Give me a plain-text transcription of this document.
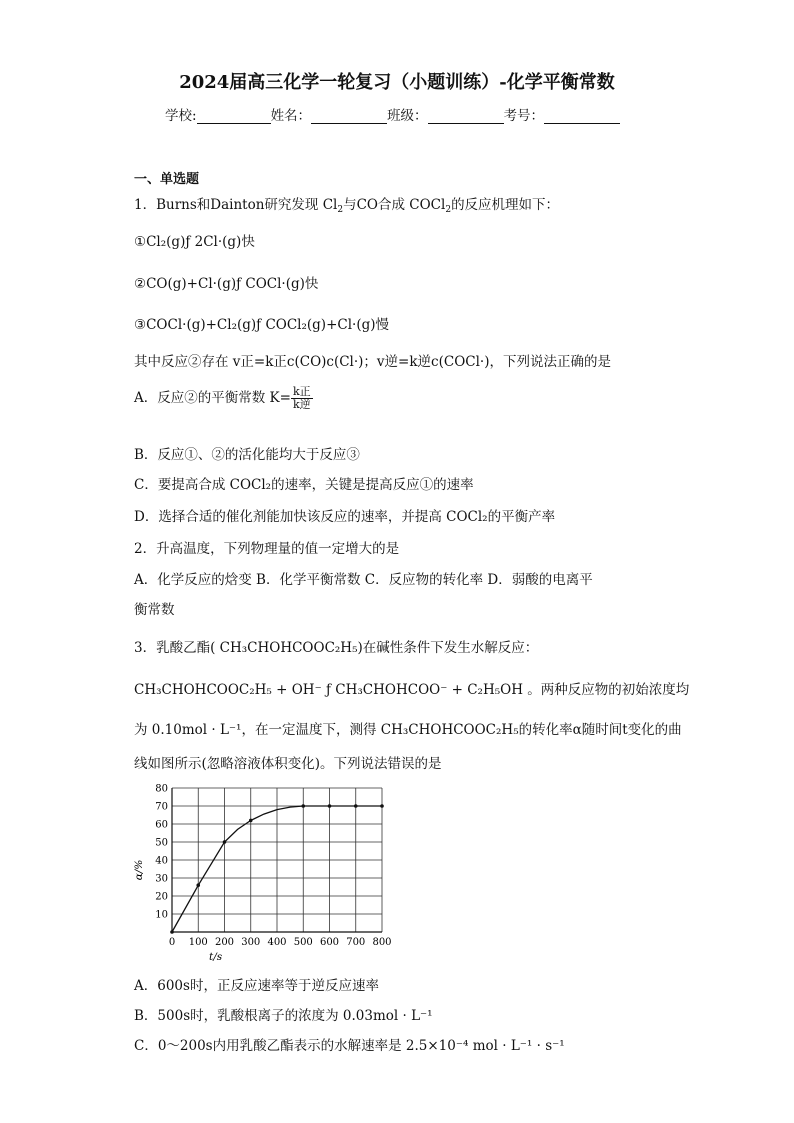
2024届高三化学一轮复习（小题训练）-化学平衡常数
学校:	姓名：	班级：	考号：
一、单选题
1．Burns和Dainton研究发现 $Cl_2$与CO合成 COCl$_2$的反应机理如下：
①Cl₂(g)ƒ 2Cl·(g)快
②CO(g)+Cl·(g)ƒ COCl·(g)快
③COCl·(g)+Cl₂(g)ƒ COCl₂(g)+Cl·(g)慢
其中反应②存在 v正=k正c(CO)c(Cl·)；v逆=k逆c(COCl·)，下列说法正确的是
A．反应②的平衡常数 $K= \frac{\text{k正}}{\text{k逆}}$
B．反应①、②的活化能均大于反应③
C．要提高合成 COCl₂的速率，关键是提高反应①的速率
D．选择合适的催化剂能加快该反应的速率，并提高 COCl₂的平衡产率
2．升高温度，下列物理量的值一定增大的是
A．化学反应的焓变 B．化学平衡常数 C．反应物的转化率 D．弱酸的电离平
衡常数
3．乳酸乙酯( CH₃CHOHCOOC₂H₅)在碱性条件下发生水解反应：
CH₃CHOHCOOC₂H₅ + OH⁻ ƒ CH₃CHOHCOO⁻ + C₂H₅OH 。两种反应物的初始浓度均
为 0.10mol · L⁻¹，在一定温度下，测得 CH₃CHOHCOOC₂H₅的转化率α随时间t变化的曲
线如图所示(忽略溶液体积变化)。下列说法错误的是
0 100 200 300 400 500 600 700 800
10
20
30
40
50
60
70
80
t/s
α/%
A．600s时，正反应速率等于逆反应速率
B．500s时，乳酸根离子的浓度为 0.03mol · L⁻¹
C．0～200s内用乳酸乙酯表示的水解速率是 2.5×10⁻⁴ mol · L⁻¹ · s⁻¹
